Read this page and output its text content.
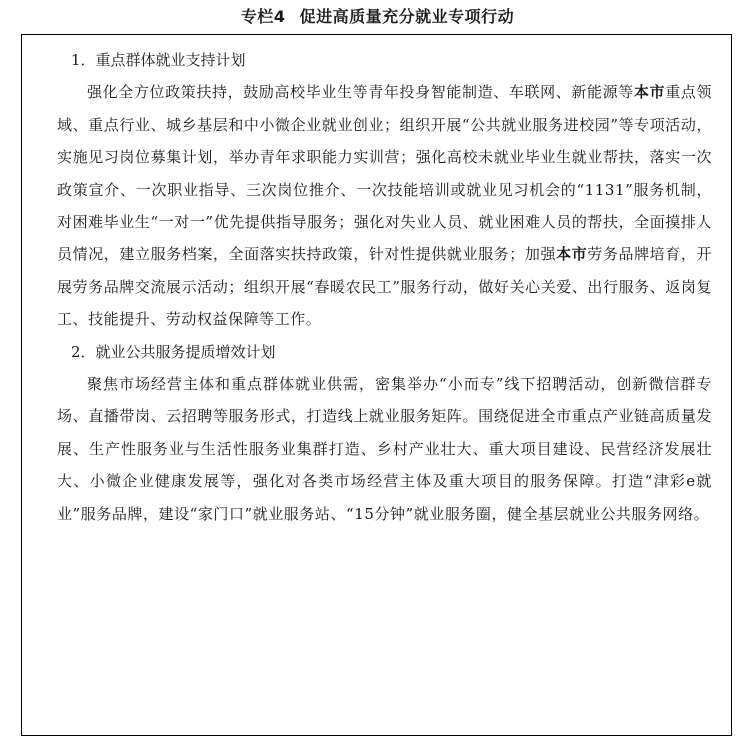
专栏4 促进高质量充分就业专项行动

1．重点群体就业支持计划

强化全方位政策扶持，鼓励高校毕业生等青年投身智能制造、车联网、新能源等本市重点领域、重点行业、城乡基层和中小微企业就业创业；组织开展“公共就业服务进校园”等专项活动，实施见习岗位募集计划，举办青年求职能力实训营；强化高校未就业毕业生就业帮扶，落实一次政策宣介、一次职业指导、三次岗位推介、一次技能培训或就业见习机会的“1131”服务机制，对困难毕业生“一对一”优先提供指导服务；强化对失业人员、就业困难人员的帮扶，全面摸排人员情况，建立服务档案，全面落实扶持政策，针对性提供就业服务；加强本市劳务品牌培育，开展劳务品牌交流展示活动；组织开展“春暖农民工”服务行动，做好关心关爱、出行服务、返岗复工、技能提升、劳动权益保障等工作。

2．就业公共服务提质增效计划

聚焦市场经营主体和重点群体就业供需，密集举办“小而专”线下招聘活动，创新微信群专场、直播带岗、云招聘等服务形式，打造线上就业服务矩阵。围绕促进全市重点产业链高质量发展、生产性服务业与生活性服务业集群打造、乡村产业壮大、重大项目建设、民营经济发展壮大、小微企业健康发展等，强化对各类市场经营主体及重大项目的服务保障。打造“津彩e就业”服务品牌，建设“家门口”就业服务站、“15分钟”就业服务圈，健全基层就业公共服务网络。
